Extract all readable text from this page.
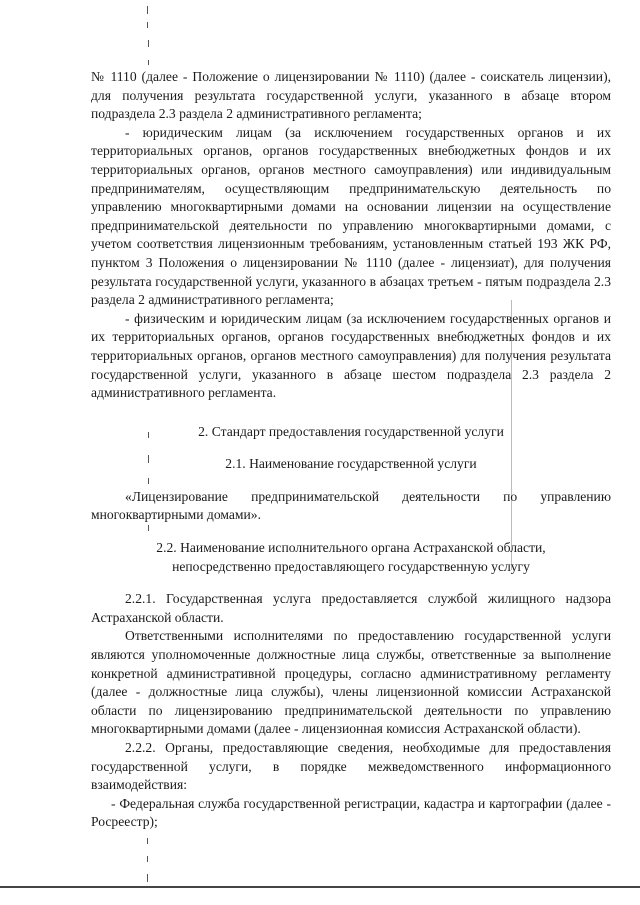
№ 1110 (далее - Положение о лицензировании № 1110) (далее - соискатель лицензии), для получения результата государственной услуги, указанного в абзаце втором подраздела 2.3 раздела 2 административного регламента;

- юридическим лицам (за исключением государственных органов и их территориальных органов, органов государственных внебюджетных фондов и их территориальных органов, органов местного самоуправления) или индивидуальным предпринимателям, осуществляющим предпринимательскую деятельность по управлению многоквартирными домами на основании лицензии на осуществление предпринимательской деятельности по управлению многоквартирными домами, с учетом соответствия лицензионным требованиям, установленным статьей 193 ЖК РФ, пунктом 3 Положения о лицензировании № 1110 (далее - лицензиат), для получения результата государственной услуги, указанного в абзацах третьем - пятым подраздела 2.3 раздела 2 административного регламента;

- физическим и юридическим лицам (за исключением государственных органов и их территориальных органов, органов государственных внебюджетных фондов и их территориальных органов, органов местного самоуправления) для получения результата государственной услуги, указанного в абзаце шестом подраздела 2.3 раздела 2 административного регламента.

2. Стандарт предоставления государственной услуги

2.1. Наименование государственной услуги

«Лицензирование предпринимательской деятельности по управлению многоквартирными домами».

2.2. Наименование исполнительного органа Астраханской области,

непосредственно предоставляющего государственную услугу

2.2.1. Государственная услуга предоставляется службой жилищного надзора Астраханской области.

Ответственными исполнителями по предоставлению государственной услуги являются уполномоченные должностные лица службы, ответственные за выполнение конкретной административной процедуры, согласно административному регламенту (далее - должностные лица службы), члены лицензионной комиссии Астраханской области по лицензированию предпринимательской деятельности по управлению многоквартирными домами (далее - лицензионная комиссия Астраханской области).

2.2.2. Органы, предоставляющие сведения, необходимые для предоставления государственной услуги, в порядке межведомственного информационного взаимодействия:

- Федеральная служба государственной регистрации, кадастра и картографии (далее - Росреестр);
